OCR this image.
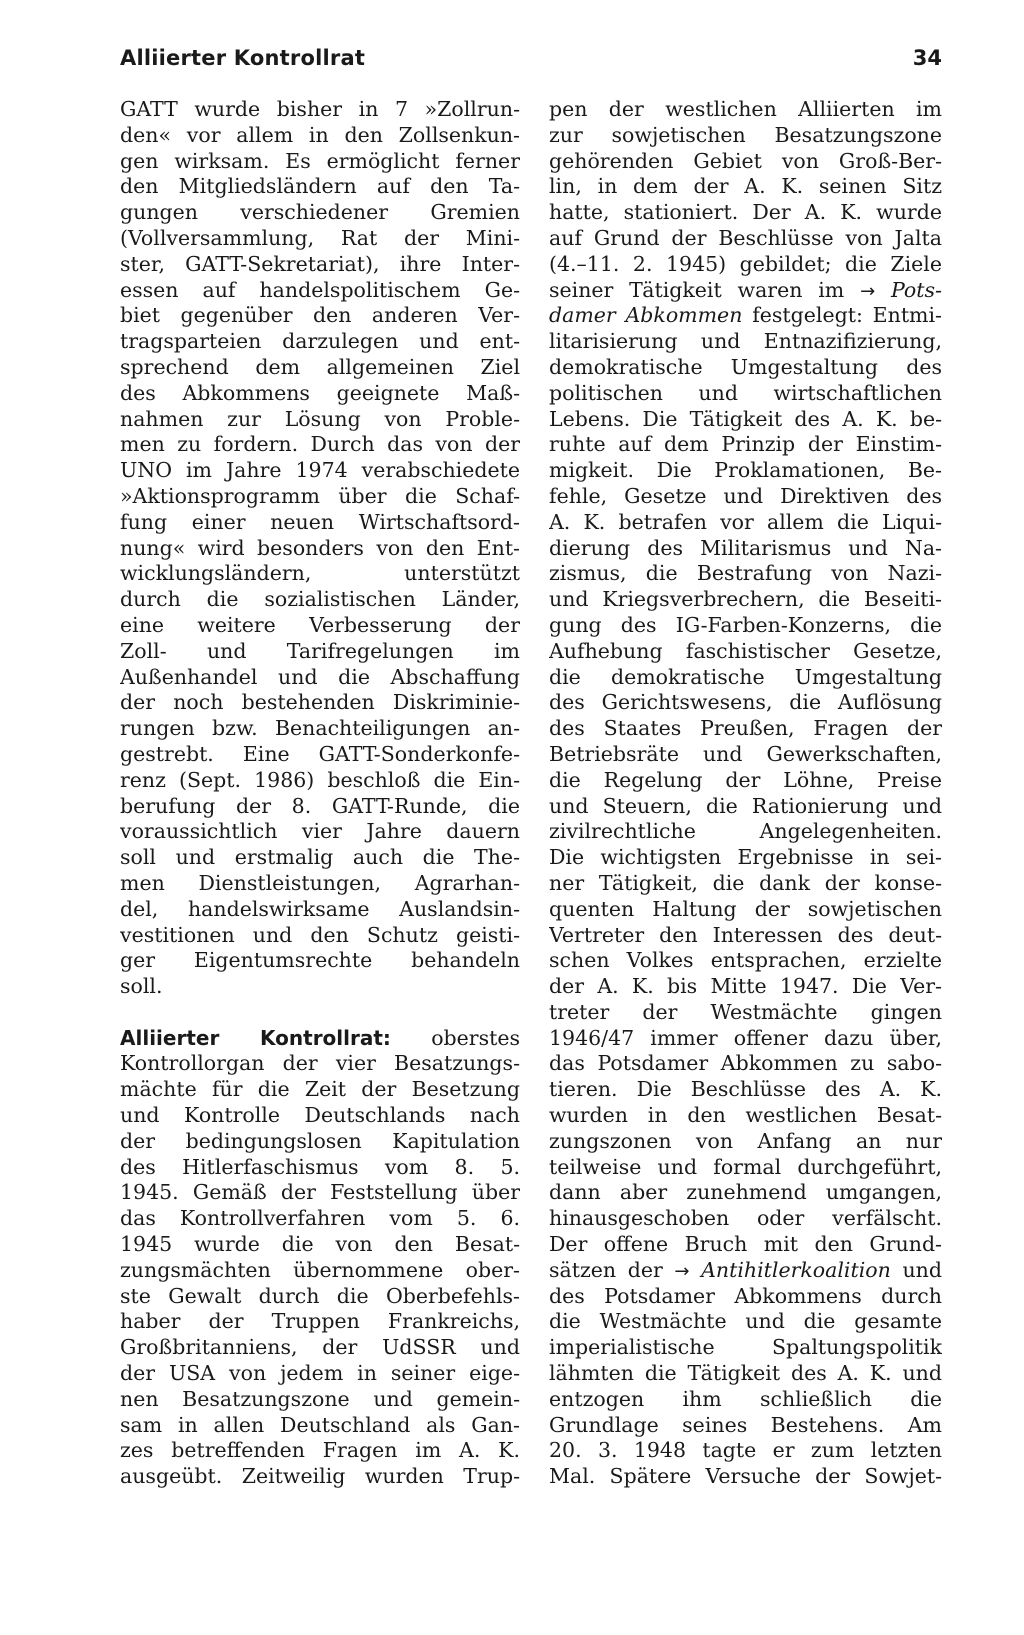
Alliierter Kontrollrat	34
GATT wurde bisher in 7 »Zollrun-
den« vor allem in den Zollsenkun-
gen wirksam. Es ermöglicht ferner
den Mitgliedsländern auf den Ta-
gungen verschiedener Gremien
(Vollversammlung, Rat der Mini-
ster, GATT-Sekretariat), ihre Inter-
essen auf handelspolitischem Ge-
biet gegenüber den anderen Ver-
tragsparteien darzulegen und ent-
sprechend dem allgemeinen Ziel
des Abkommens geeignete Maß-
nahmen zur Lösung von Proble-
men zu fordern. Durch das von der
UNO im Jahre 1974 verabschiedete
»Aktionsprogramm über die Schaf-
fung einer neuen Wirtschaftsord-
nung« wird besonders von den Ent-
wicklungsländern, unterstützt
durch die sozialistischen Länder,
eine weitere Verbesserung der
Zoll- und Tarifregelungen im
Außenhandel und die Abschaffung
der noch bestehenden Diskriminie-
rungen bzw. Benachteiligungen an-
gestrebt. Eine GATT-Sonderkonfe-
renz (Sept. 1986) beschloß die Ein-
berufung der 8. GATT-Runde, die
voraussichtlich vier Jahre dauern
soll und erstmalig auch die The-
men Dienstleistungen, Agrarhan-
del, handelswirksame Auslandsin-
vestitionen und den Schutz geisti-
ger Eigentumsrechte behandeln
soll.
Alliierter Kontrollrat: oberstes
Kontrollorgan der vier Besatzungs-
mächte für die Zeit der Besetzung
und Kontrolle Deutschlands nach
der bedingungslosen Kapitulation
des Hitlerfaschismus vom 8. 5.
1945. Gemäß der Feststellung über
das Kontrollverfahren vom 5. 6.
1945 wurde die von den Besat-
zungsmächten übernommene ober-
ste Gewalt durch die Oberbefehls-
haber der Truppen Frankreichs,
Großbritanniens, der UdSSR und
der USA von jedem in seiner eige-
nen Besatzungszone und gemein-
sam in allen Deutschland als Gan-
zes betreffenden Fragen im A. K.
ausgeübt. Zeitweilig wurden Trup-
pen der westlichen Alliierten im
zur sowjetischen Besatzungszone
gehörenden Gebiet von Groß-Ber-
lin, in dem der A. K. seinen Sitz
hatte, stationiert. Der A. K. wurde
auf Grund der Beschlüsse von Jalta
(4.–11. 2. 1945) gebildet; die Ziele
seiner Tätigkeit waren im → Pots-
damer Abkommen festgelegt: Entmi-
litarisierung und Entnazifizierung,
demokratische Umgestaltung des
politischen und wirtschaftlichen
Lebens. Die Tätigkeit des A. K. be-
ruhte auf dem Prinzip der Einstim-
migkeit. Die Proklamationen, Be-
fehle, Gesetze und Direktiven des
A. K. betrafen vor allem die Liqui-
dierung des Militarismus und Na-
zismus, die Bestrafung von Nazi-
und Kriegsverbrechern, die Beseiti-
gung des IG-Farben-Konzerns, die
Aufhebung faschistischer Gesetze,
die demokratische Umgestaltung
des Gerichtswesens, die Auflösung
des Staates Preußen, Fragen der
Betriebsräte und Gewerkschaften,
die Regelung der Löhne, Preise
und Steuern, die Rationierung und
zivilrechtliche Angelegenheiten.
Die wichtigsten Ergebnisse in sei-
ner Tätigkeit, die dank der konse-
quenten Haltung der sowjetischen
Vertreter den Interessen des deut-
schen Volkes entsprachen, erzielte
der A. K. bis Mitte 1947. Die Ver-
treter der Westmächte gingen
1946/47 immer offener dazu über,
das Potsdamer Abkommen zu sabo-
tieren. Die Beschlüsse des A. K.
wurden in den westlichen Besat-
zungszonen von Anfang an nur
teilweise und formal durchgeführt,
dann aber zunehmend umgangen,
hinausgeschoben oder verfälscht.
Der offene Bruch mit den Grund-
sätzen der → Antihitlerkoalition und
des Potsdamer Abkommens durch
die Westmächte und die gesamte
imperialistische Spaltungspolitik
lähmten die Tätigkeit des A. K. und
entzogen ihm schließlich die
Grundlage seines Bestehens. Am
20. 3. 1948 tagte er zum letzten
Mal. Spätere Versuche der Sowjet-
